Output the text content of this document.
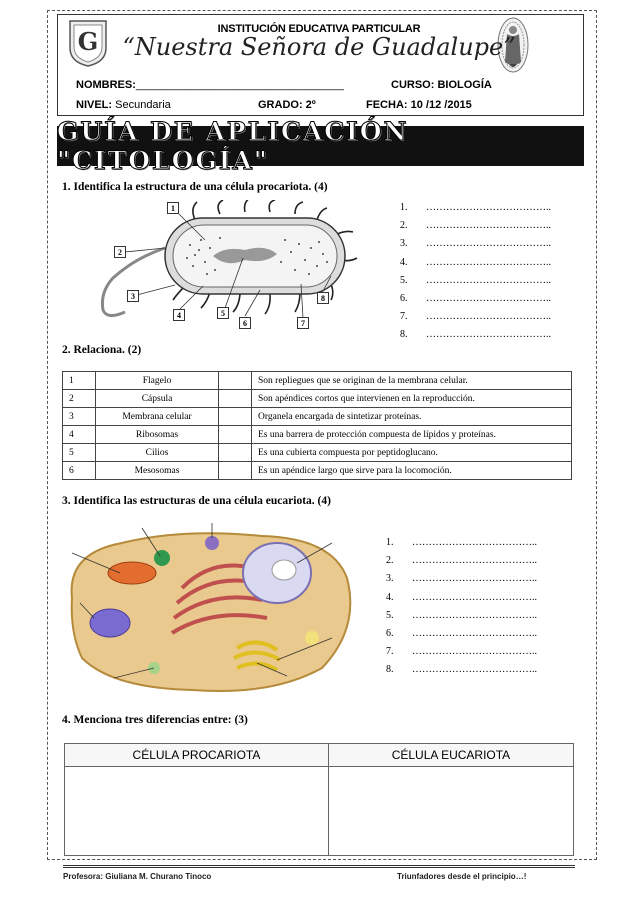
G	INSTITUCIÓN EDUCATIVA PARTICULAR
“Nuestra Señora de Guadalupe”
NOMBRES:__________________________________	CURSO: BIOLOGÍA
NIVEL: Secundaria	GRADO: 2º	FECHA: 10 /12 /2015
GUÍA DE APLICACIÓN "CITOLOGÍA"
1. Identifica la estructura de una célula procariota. (4)
1
2
3
4	5
6	7
8
1. ………………………………..
2. ………………………………..
3. ………………………………..
4. ………………………………..
5. ………………………………..
6. ………………………………..
7. ………………………………..
8. ………………………………..
2. Relaciona. (2)
1	Flagelo		Son repliegues que se originan de la membrana celular.
2	Cápsula		Son apéndices cortos que intervienen en la reproducción.
3	Membrana celular		Organela encargada de sintetizar proteínas.
4	Ribosomas		Es una barrera de protección compuesta de lípidos y proteínas.
5	Cilios		Es una cubierta compuesta por peptidoglucano.
6	Mesosomas		Es un apéndice largo que sirve para la locomoción.
3. Identifica las estructuras de una célula eucariota. (4)
1. ………………………………..
2. ………………………………..
3. ………………………………..
4. ………………………………..
5. ………………………………..
6. ………………………………..
7. ………………………………..
8. ………………………………..
4. Menciona tres diferencias entre: (3)
CÉLULA PROCARIOTA	CÉLULA EUCARIOTA

Profesora: Giuliana M. Churano Tinoco	Triunfadores desde el principio…!
